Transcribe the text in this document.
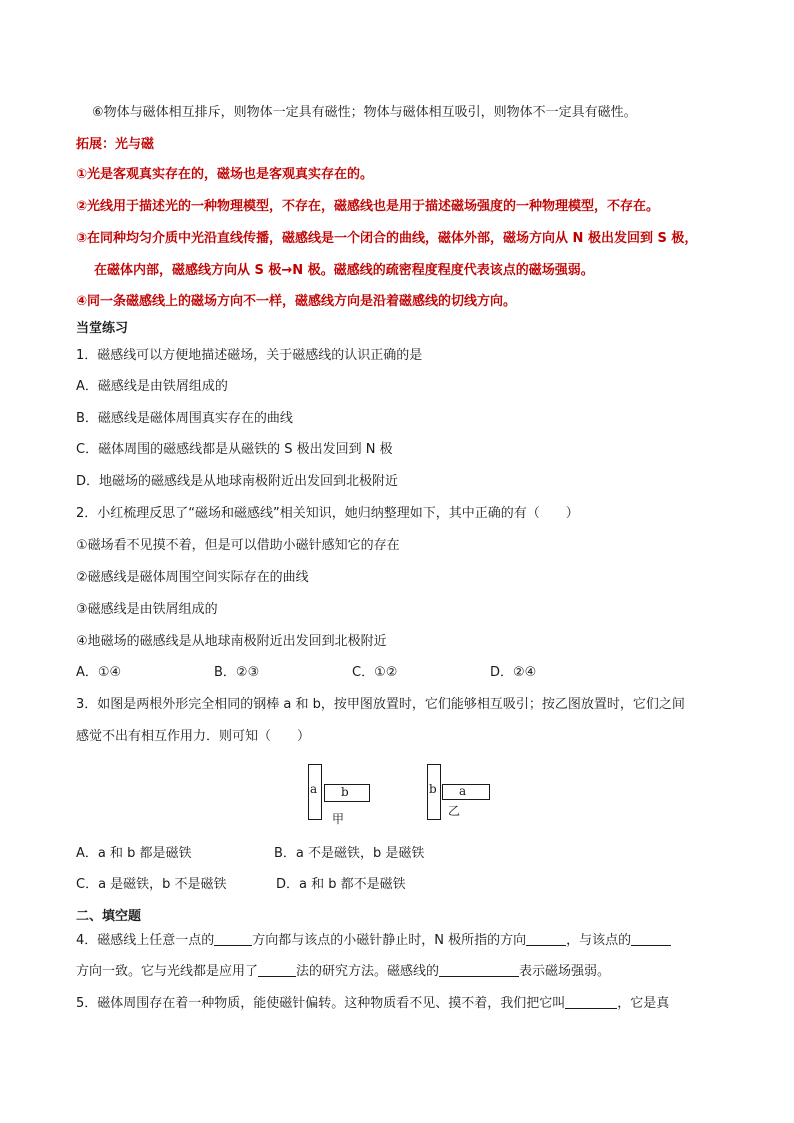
⑥物体与磁体相互排斥，则物体一定具有磁性；物体与磁体相互吸引，则物体不一定具有磁性。
拓展：光与磁
①光是客观真实存在的，磁场也是客观真实存在的。
②光线用于描述光的一种物理模型，不存在，磁感线也是用于描述磁场强度的一种物理模型，不存在。
③在同种均匀介质中光沿直线传播，磁感线是一个闭合的曲线，磁体外部，磁场方向从 N 极出发回到 S 极，
在磁体内部，磁感线方向从 S 极→N 极。磁感线的疏密程度程度代表该点的磁场强弱。
④同一条磁感线上的磁场方向不一样，磁感线方向是沿着磁感线的切线方向。
当堂练习
1．磁感线可以方便地描述磁场，关于磁感线的认识正确的是
A．磁感线是由铁屑组成的
B．磁感线是磁体周围真实存在的曲线
C．磁体周围的磁感线都是从磁铁的 S 极出发回到 N 极
D．地磁场的磁感线是从地球南极附近出发回到北极附近
2．小红梳理反思了“磁场和磁感线”相关知识，她归纳整理如下，其中正确的有（　　）
①磁场看不见摸不着，但是可以借助小磁针感知它的存在
②磁感线是磁体周围空间实际存在的曲线
③磁感线是由铁屑组成的
④地磁场的磁感线是从地球南极附近出发回到北极附近
A．①④	B．②③	C．①②	D．②④
3．如图是两根外形完全相同的钢棒 a 和 b，按甲图放置时，它们能够相互吸引；按乙图放置时，它们之间
感觉不出有相互作用力．则可知（　　）
a b
甲
b a
乙
A．a 和 b 都是磁铁	B．a 不是磁铁，b 是磁铁
C．a 是磁铁，b 不是磁铁	D．a 和 b 都不是磁铁
二、填空题
4．磁感线上任意一点的	方向都与该点的小磁针静止时，N 极所指的方向	，与该点的
方向一致。它与光线都是应用了	法的研究方法。磁感线的	表示磁场强弱。
5．磁体周围存在着一种物质，能使磁针偏转。这种物质看不见、摸不着，我们把它叫	，它是真
